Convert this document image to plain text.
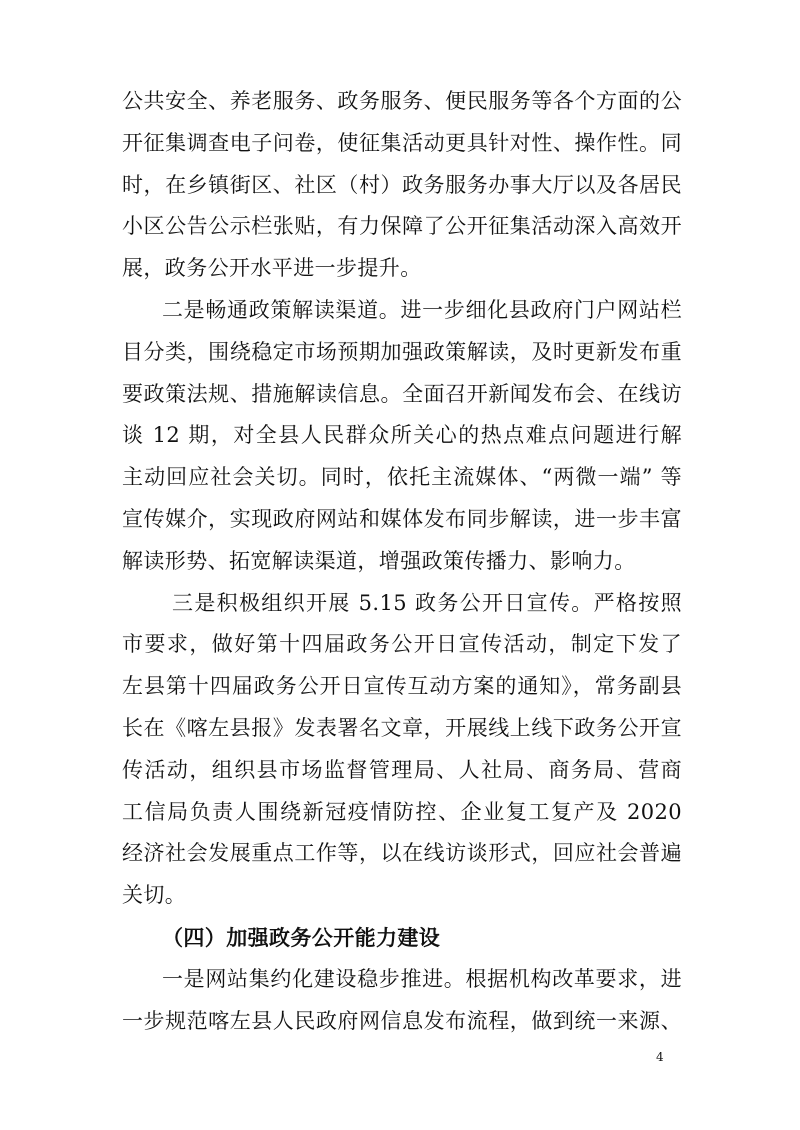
公共安全、养老服务、政务服务、便民服务等各个方面的公
开征集调查电子问卷，使征集活动更具针对性、操作性。同
时，在乡镇街区、社区（村）政务服务办事大厅以及各居民
小区公告公示栏张贴，有力保障了公开征集活动深入高效开
展，政务公开水平进一步提升。
二是畅通政策解读渠道。进一步细化县政府门户网站栏
目分类，围绕稳定市场预期加强政策解读，及时更新发布重
要政策法规、措施解读信息。全面召开新闻发布会、在线访
谈 12 期，对全县人民群众所关心的热点难点问题进行解
主动回应社会关切。同时，依托主流媒体、“两微一端” 等
宣传媒介，实现政府网站和媒体发布同步解读，进一步丰富
解读形势、拓宽解读渠道，增强政策传播力、影响力。
三是积极组织开展 5.15 政务公开日宣传。严格按照
市要求，做好第十四届政务公开日宣传活动，制定下发了
左县第十四届政务公开日宣传互动方案的通知》，常务副县
长在《喀左县报》发表署名文章，开展线上线下政务公开宣
传活动，组织县市场监督管理局、人社局、商务局、营商
工信局负责人围绕新冠疫情防控、企业复工复产及 2020
经济社会发展重点工作等，以在线访谈形式，回应社会普遍
关切。
（四）加强政务公开能力建设
一是网站集约化建设稳步推进。根据机构改革要求，进
一步规范喀左县人民政府网信息发布流程，做到统一来源、
4
